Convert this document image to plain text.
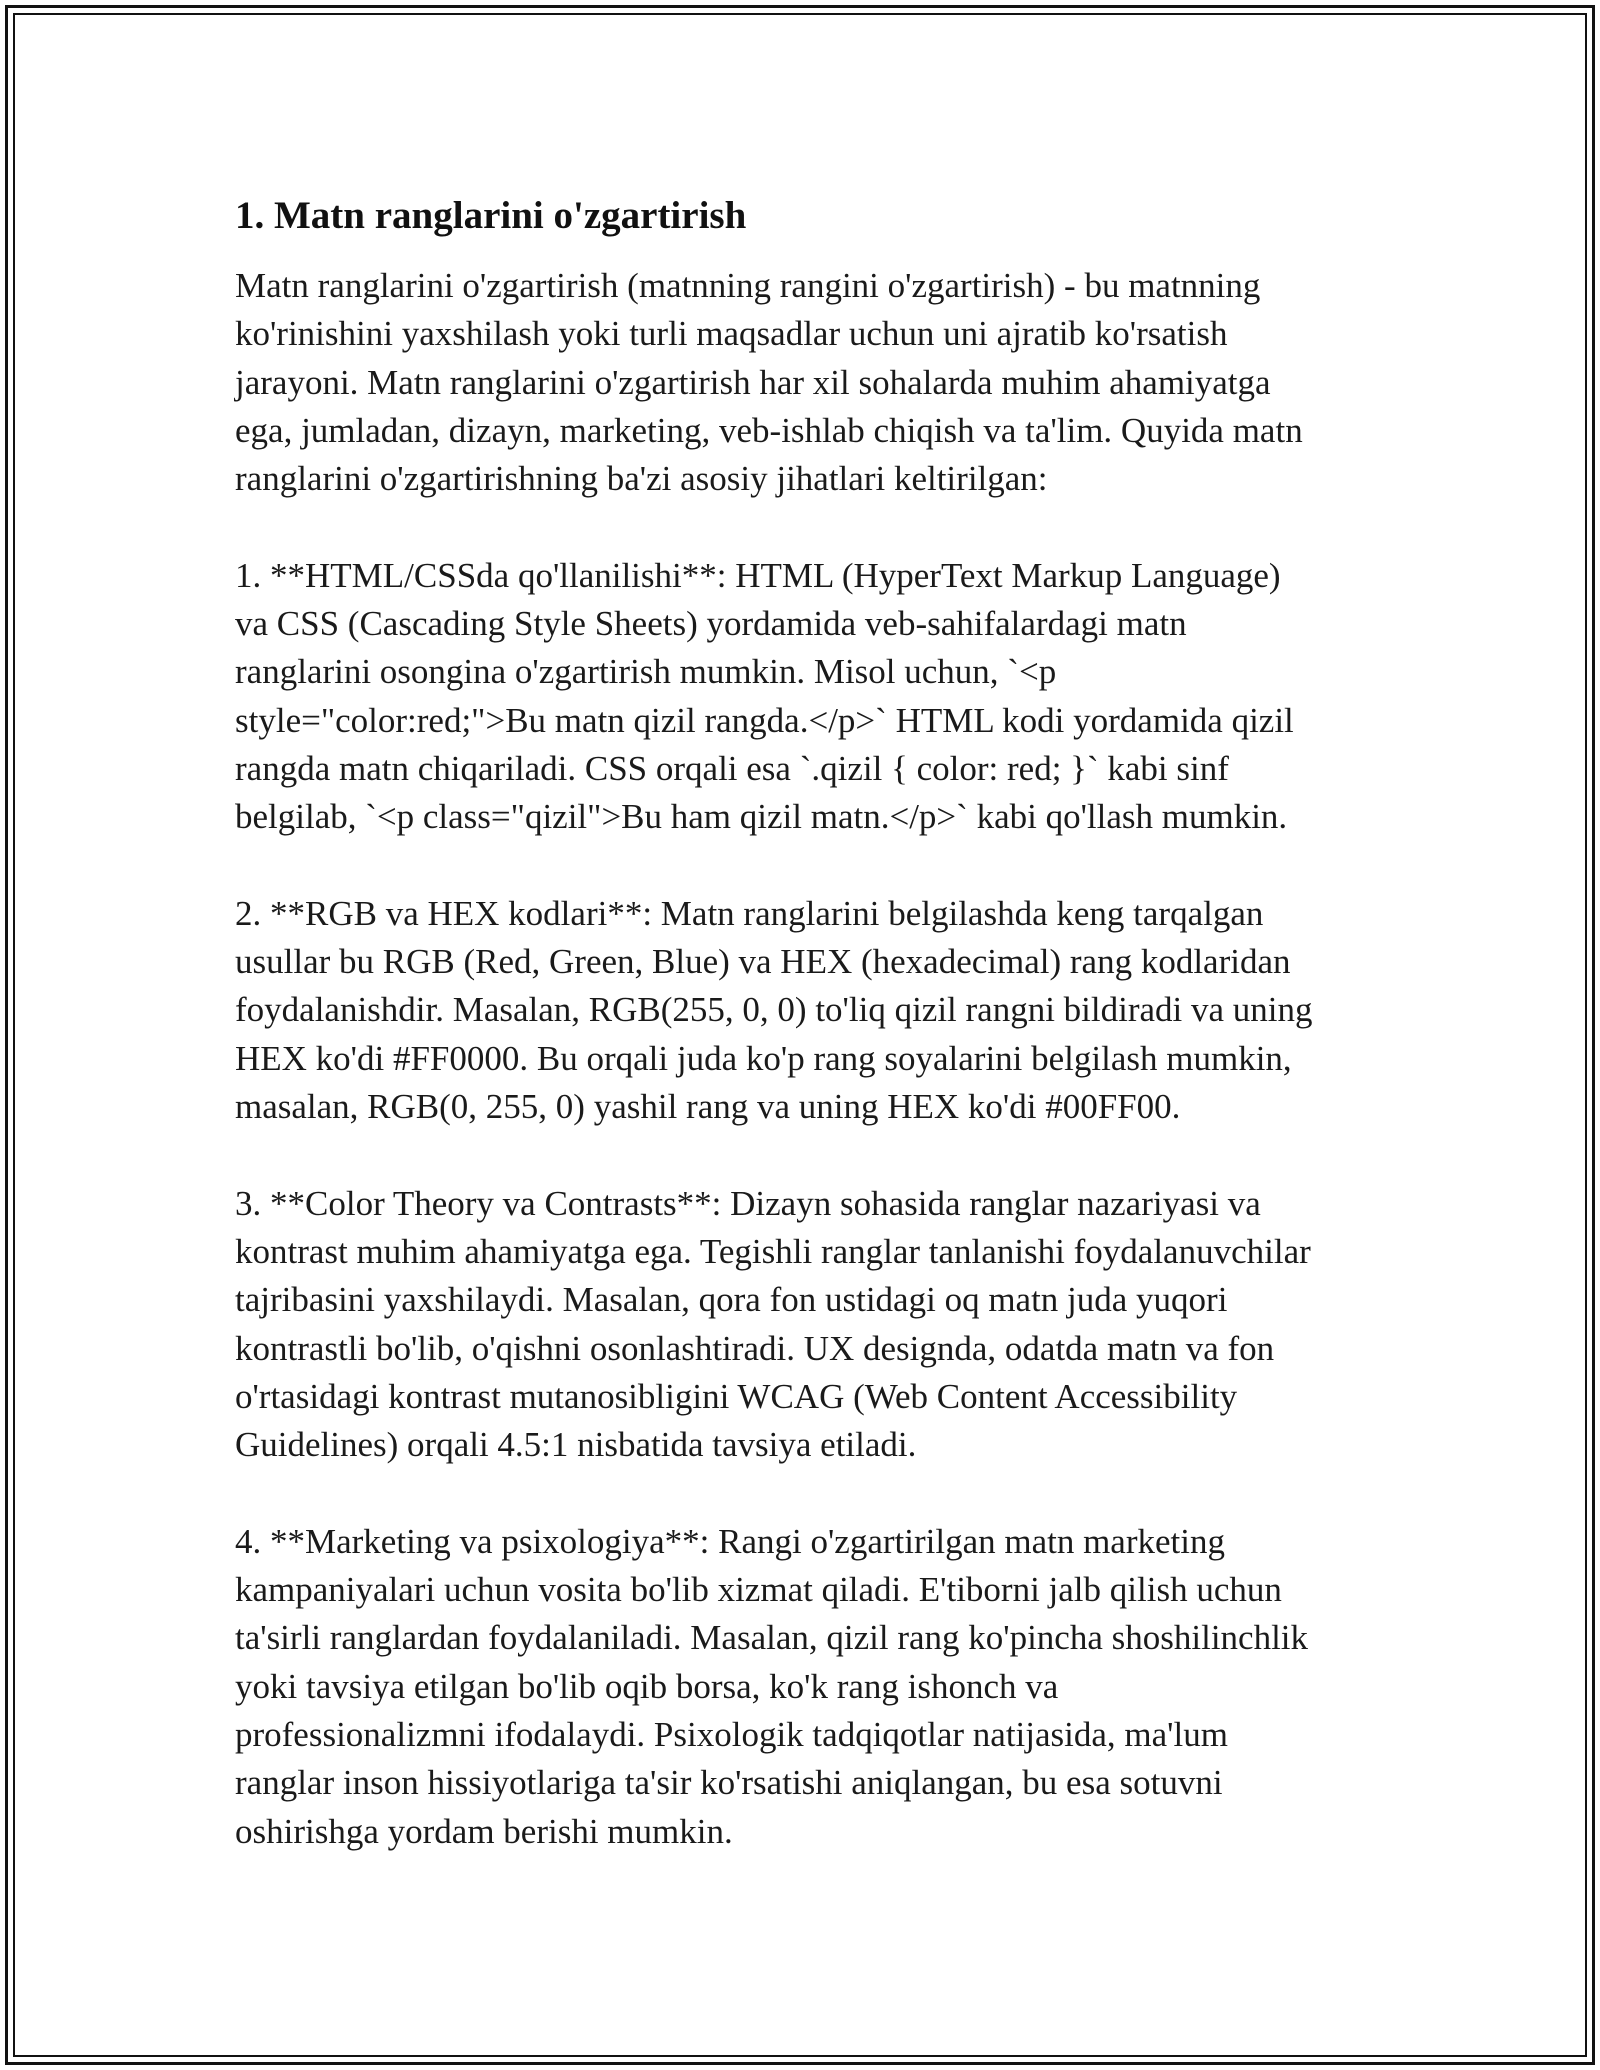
1. Matn ranglarini o'zgartirish

Matn ranglarini o'zgartirish (matnning rangini o'zgartirish) - bu matnning
ko'rinishini yaxshilash yoki turli maqsadlar uchun uni ajratib ko'rsatish
jarayoni. Matn ranglarini o'zgartirish har xil sohalarda muhim ahamiyatga
ega, jumladan, dizayn, marketing, veb-ishlab chiqish va ta'lim. Quyida matn
ranglarini o'zgartirishning ba'zi asosiy jihatlari keltirilgan:

1. **HTML/CSSda qo'llanilishi**: HTML (HyperText Markup Language)
va CSS (Cascading Style Sheets) yordamida veb-sahifalardagi matn
ranglarini osongina o'zgartirish mumkin. Misol uchun, `<p
style="color:red;">Bu matn qizil rangda.</p>` HTML kodi yordamida qizil
rangda matn chiqariladi. CSS orqali esa `.qizil { color: red; }` kabi sinf
belgilab, `<p class="qizil">Bu ham qizil matn.</p>` kabi qo'llash mumkin.

2. **RGB va HEX kodlari**: Matn ranglarini belgilashda keng tarqalgan
usullar bu RGB (Red, Green, Blue) va HEX (hexadecimal) rang kodlaridan
foydalanishdir. Masalan, RGB(255, 0, 0) to'liq qizil rangni bildiradi va uning
HEX ko'di #FF0000. Bu orqali juda ko'p rang soyalarini belgilash mumkin,
masalan, RGB(0, 255, 0) yashil rang va uning HEX ko'di #00FF00.

3. **Color Theory va Contrasts**: Dizayn sohasida ranglar nazariyasi va
kontrast muhim ahamiyatga ega. Tegishli ranglar tanlanishi foydalanuvchilar
tajribasini yaxshilaydi. Masalan, qora fon ustidagi oq matn juda yuqori
kontrastli bo'lib, o'qishni osonlashtiradi. UX designda, odatda matn va fon
o'rtasidagi kontrast mutanosibligini WCAG (Web Content Accessibility
Guidelines) orqali 4.5:1 nisbatida tavsiya etiladi.

4. **Marketing va psixologiya**: Rangi o'zgartirilgan matn marketing
kampaniyalari uchun vosita bo'lib xizmat qiladi. E'tiborni jalb qilish uchun
ta'sirli ranglardan foydalaniladi. Masalan, qizil rang ko'pincha shoshilinchlik
yoki tavsiya etilgan bo'lib oqib borsa, ko'k rang ishonch va
professionalizmni ifodalaydi. Psixologik tadqiqotlar natijasida, ma'lum
ranglar inson hissiyotlariga ta'sir ko'rsatishi aniqlangan, bu esa sotuvni
oshirishga yordam berishi mumkin.
